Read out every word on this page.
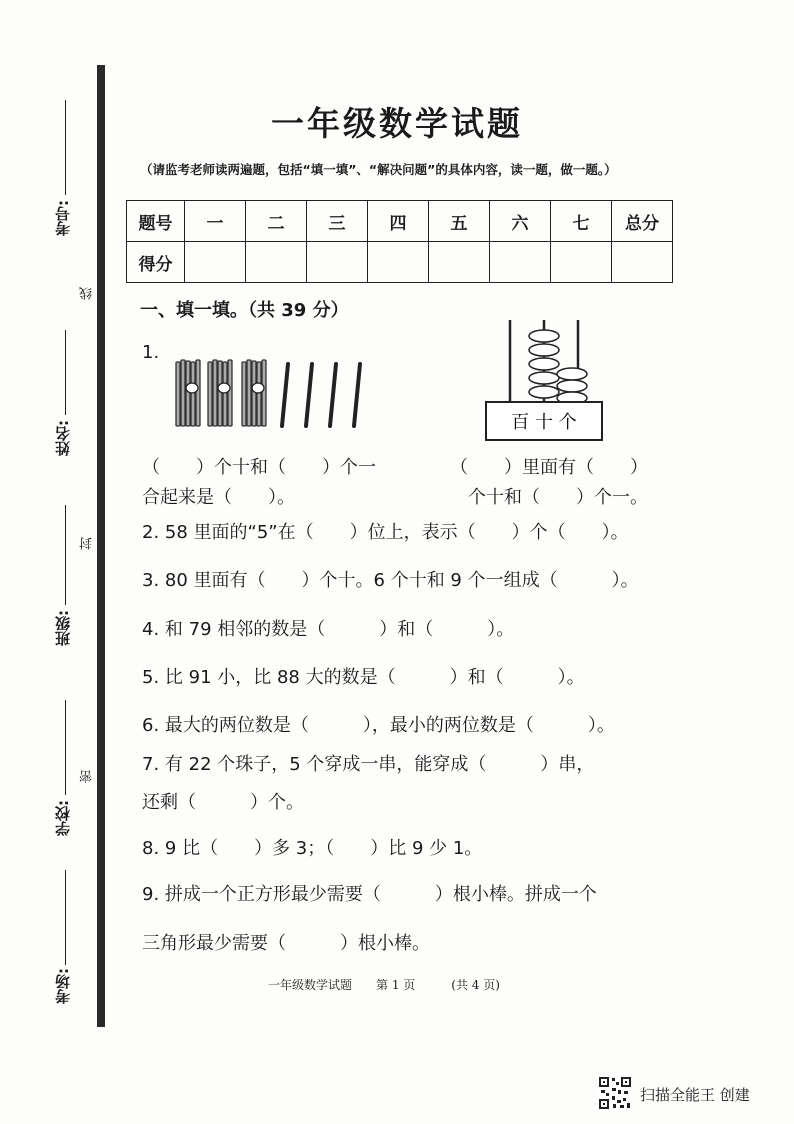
考号:
线
姓名:
封
班级:
密
学校:
考场:
一年级数学试题
（请监考老师读两遍题，包括“填一填”、“解决问题”的具体内容，读一题，做一题。）
题号	一	二	三	四	五	六	七	总分
得分								
一、填一填。（共 39 分）
1.
百 十 个
（　　）个十和（　　）个一
合起来是（　　）。
（　　）里面有（　　）
个十和（　　）个一。
2. 58 里面的“5”在（　　）位上，表示（　　）个（　　）。
3. 80 里面有（　　）个十。6 个十和 9 个一组成（　　　）。
4. 和 79 相邻的数是（　　　）和（　　　）。
5. 比 91 小，比 88 大的数是（　　　）和（　　　）。
6. 最大的两位数是（　　　），最小的两位数是（　　　）。
7. 有 22 个珠子，5 个穿成一串，能穿成（　　　）串，
还剩（　　　）个。
8. 9 比（　　）多 3；（　　）比 9 少 1。
9. 拼成一个正方形最少需要（　　　）根小棒。拼成一个
三角形最少需要（　　　）根小棒。
一年级数学试题　　第 1 页　　　(共 4 页)
扫描全能王 创建
